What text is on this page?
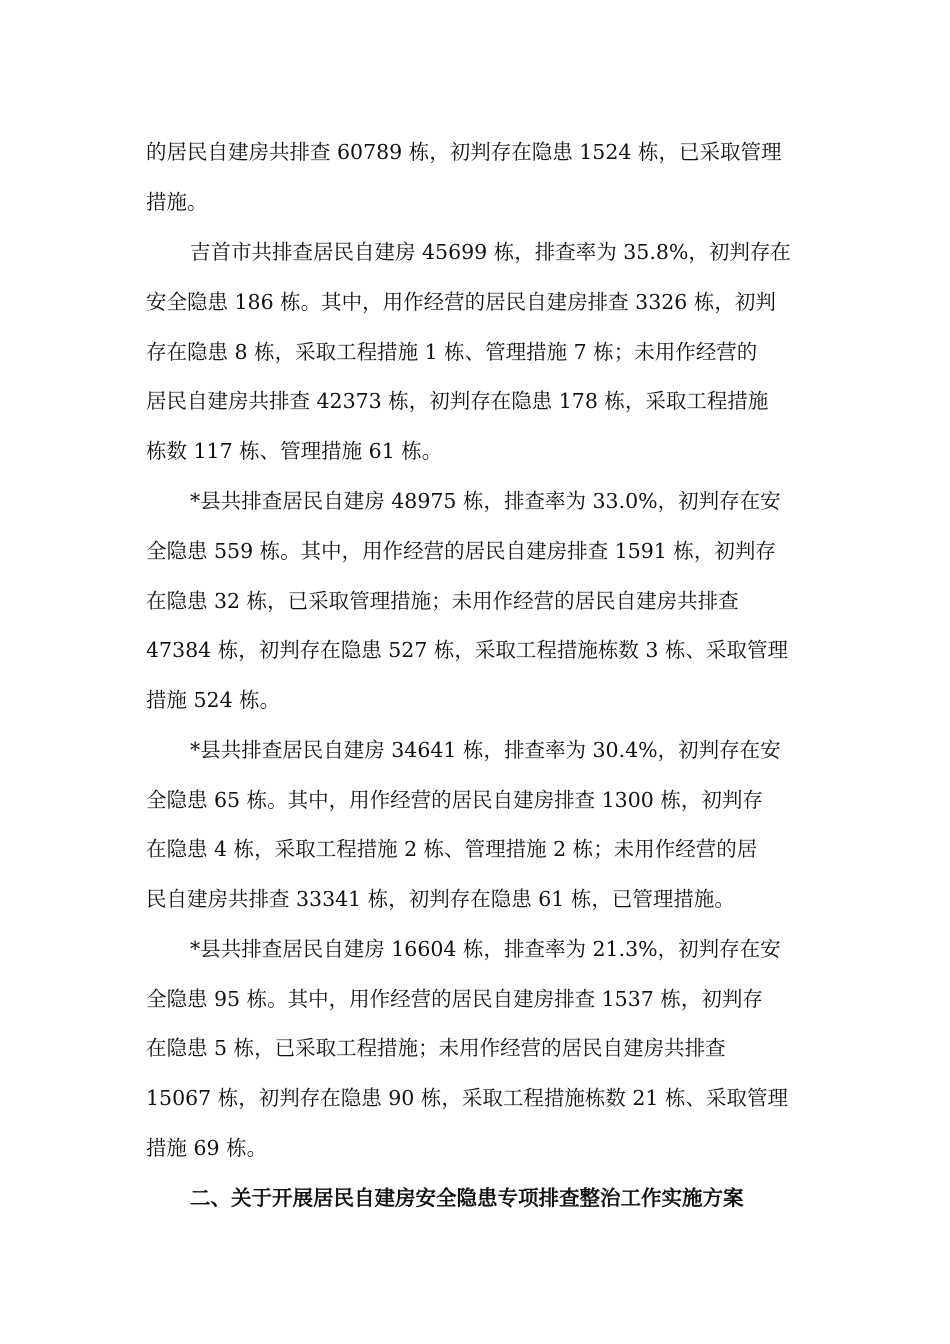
的居民自建房共排查 60789 栋，初判存在隐患 1524 栋，已采取管理
措施。
吉首市共排查居民自建房 45699 栋，排查率为 35.8%，初判存在
安全隐患 186 栋。其中，用作经营的居民自建房排查 3326 栋，初判
存在隐患 8 栋，采取工程措施 1 栋、管理措施 7 栋；未用作经营的
居民自建房共排查 42373 栋，初判存在隐患 178 栋，采取工程措施
栋数 117 栋、管理措施 61 栋。
*县共排查居民自建房 48975 栋，排查率为 33.0%，初判存在安
全隐患 559 栋。其中，用作经营的居民自建房排查 1591 栋，初判存
在隐患 32 栋，已采取管理措施；未用作经营的居民自建房共排查
47384 栋，初判存在隐患 527 栋，采取工程措施栋数 3 栋、采取管理
措施 524 栋。
*县共排查居民自建房 34641 栋，排查率为 30.4%，初判存在安
全隐患 65 栋。其中，用作经营的居民自建房排查 1300 栋，初判存
在隐患 4 栋，采取工程措施 2 栋、管理措施 2 栋；未用作经营的居
民自建房共排查 33341 栋，初判存在隐患 61 栋，已管理措施。
*县共排查居民自建房 16604 栋，排查率为 21.3%，初判存在安
全隐患 95 栋。其中，用作经营的居民自建房排查 1537 栋，初判存
在隐患 5 栋，已采取工程措施；未用作经营的居民自建房共排查
15067 栋，初判存在隐患 90 栋，采取工程措施栋数 21 栋、采取管理
措施 69 栋。
二、关于开展居民自建房安全隐患专项排查整治工作实施方案
